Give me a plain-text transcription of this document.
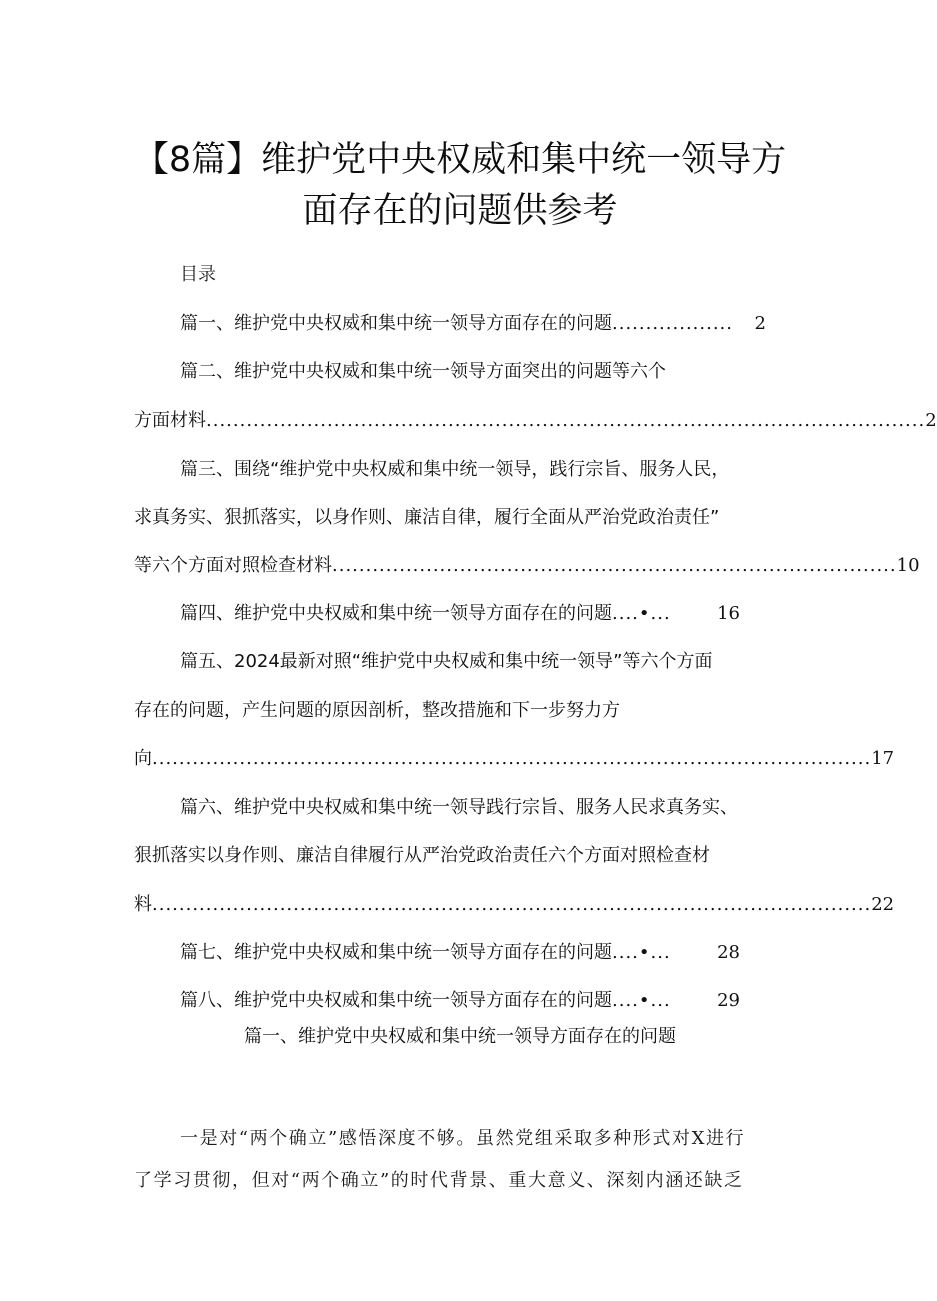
【8篇】维护党中央权威和集中统一领导方
面存在的问题供参考
目录
篇一、维护党中央权威和集中统一领导方面存在的问题 ..................	2
篇二、维护党中央权威和集中统一领导方面突出的问题等六个
方面材料 ........................................................................................................... 2
篇三、围绕“维护党中央权威和集中统一领导，践行宗旨、服务人民，
求真务实、狠抓落实，以身作则、廉洁自律，履行全面从严治党政治责任”
等六个方面对照检查材料 .................................................................................... 10
篇四、维护党中央权威和集中统一领导方面存在的问题 ....•...	16
篇五、2024最新对照“维护党中央权威和集中统一领导”等六个方面
存在的问题，产生问题的原因剖析，整改措施和下一步努力方
向 ........................................................................................................... 17
篇六、维护党中央权威和集中统一领导践行宗旨、服务人民求真务实、
狠抓落实以身作则、廉洁自律履行从严治党政治责任六个方面对照检查材
料 ........................................................................................................... 22
篇七、维护党中央权威和集中统一领导方面存在的问题 ....•...	28
篇八、维护党中央权威和集中统一领导方面存在的问题 ....•...	29
篇一、维护党中央权威和集中统一领导方面存在的问题
一是对“两个确立”感悟深度不够。虽然党组采取多种形式对X进行
了学习贯彻，但对“两个确立”的时代背景、重大意义、深刻内涵还缺乏
